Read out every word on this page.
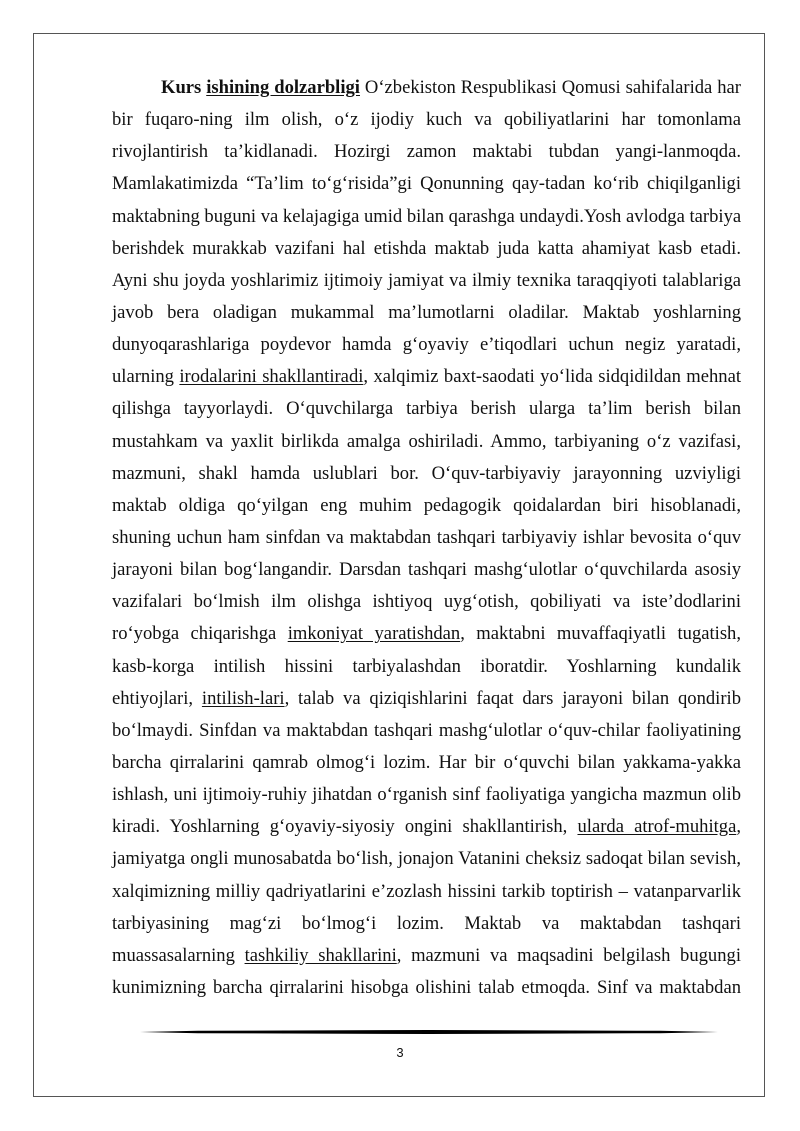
Kurs ishining dolzarbligi O‘zbekiston Respublikasi Qomusi sahifalarida har
bir fuqaro-ning ilm olish, o‘z ijodiy kuch va qobiliyatlarini har tomonlama
rivojlantirish ta’kidlanadi. Hozirgi zamon maktabi tubdan yangi-lanmoqda.
Mamlakatimizda “Ta’lim to‘g‘risida”gi Qonunning qay-tadan ko‘rib chiqilganligi
maktabning buguni va kelajagiga umid bilan qarashga undaydi.Yosh avlodga tarbiya
berishdek murakkab vazifani hal etishda maktab juda katta ahamiyat kasb etadi.
Ayni shu joyda yoshlarimiz ijtimoiy jamiyat va ilmiy texnika taraqqiyoti talablariga
javob bera oladigan mukammal ma’lumotlarni oladilar. Maktab yoshlarning
dunyoqarashlariga poydevor hamda g‘oyaviy e’tiqodlari uchun negiz yaratadi,
ularning irodalarini shakllantiradi, xalqimiz baxt-saodati yo‘lida sidqidildan mehnat
qilishga tayyorlaydi. O‘quvchilarga tarbiya berish ularga ta’lim berish bilan
mustahkam va yaxlit birlikda amalga oshiriladi. Ammo, tarbiyaning o‘z vazifasi,
mazmuni, shakl hamda uslublari bor. O‘quv-tarbiyaviy jarayonning uzviyligi
maktab oldiga qo‘yilgan eng muhim pedagogik qoidalardan biri hisoblanadi,
shuning uchun ham sinfdan va maktabdan tashqari tarbiyaviy ishlar bevosita o‘quv
jarayoni bilan bog‘langandir. Darsdan tashqari mashg‘ulotlar o‘quvchilarda asosiy
vazifalari bo‘lmish ilm olishga ishtiyoq uyg‘otish, qobiliyati va iste’dodlarini
ro‘yobga chiqarishga imkoniyat yaratishdan, maktabni muvaffaqiyatli tugatish,
kasb-korga intilish hissini tarbiyalashdan iboratdir. Yoshlarning kundalik
ehtiyojlari, intilish-lari, talab va qiziqishlarini faqat dars jarayoni bilan qondirib
bo‘lmaydi. Sinfdan va maktabdan tashqari mashg‘ulotlar o‘quv-chilar faoliyatining
barcha qirralarini qamrab olmog‘i lozim. Har bir o‘quvchi bilan yakkama-yakka
ishlash, uni ijtimoiy-ruhiy jihatdan o‘rganish sinf faoliyatiga yangicha mazmun olib
kiradi. Yoshlarning g‘oyaviy-siyosiy ongini shakllantirish, ularda atrof-muhitga,
jamiyatga ongli munosabatda bo‘lish, jonajon Vatanini cheksiz sadoqat bilan sevish,
xalqimizning milliy qadriyatlarini e’zozlash hissini tarkib toptirish – vatanparvarlik
tarbiyasining mag‘zi bo‘lmog‘i lozim. Maktab va maktabdan tashqari
muassasalarning tashkiliy shakllarini, mazmuni va maqsadini belgilash bugungi
kunimizning barcha qirralarini hisobga olishini talab etmoqda. Sinf va maktabdan
3
